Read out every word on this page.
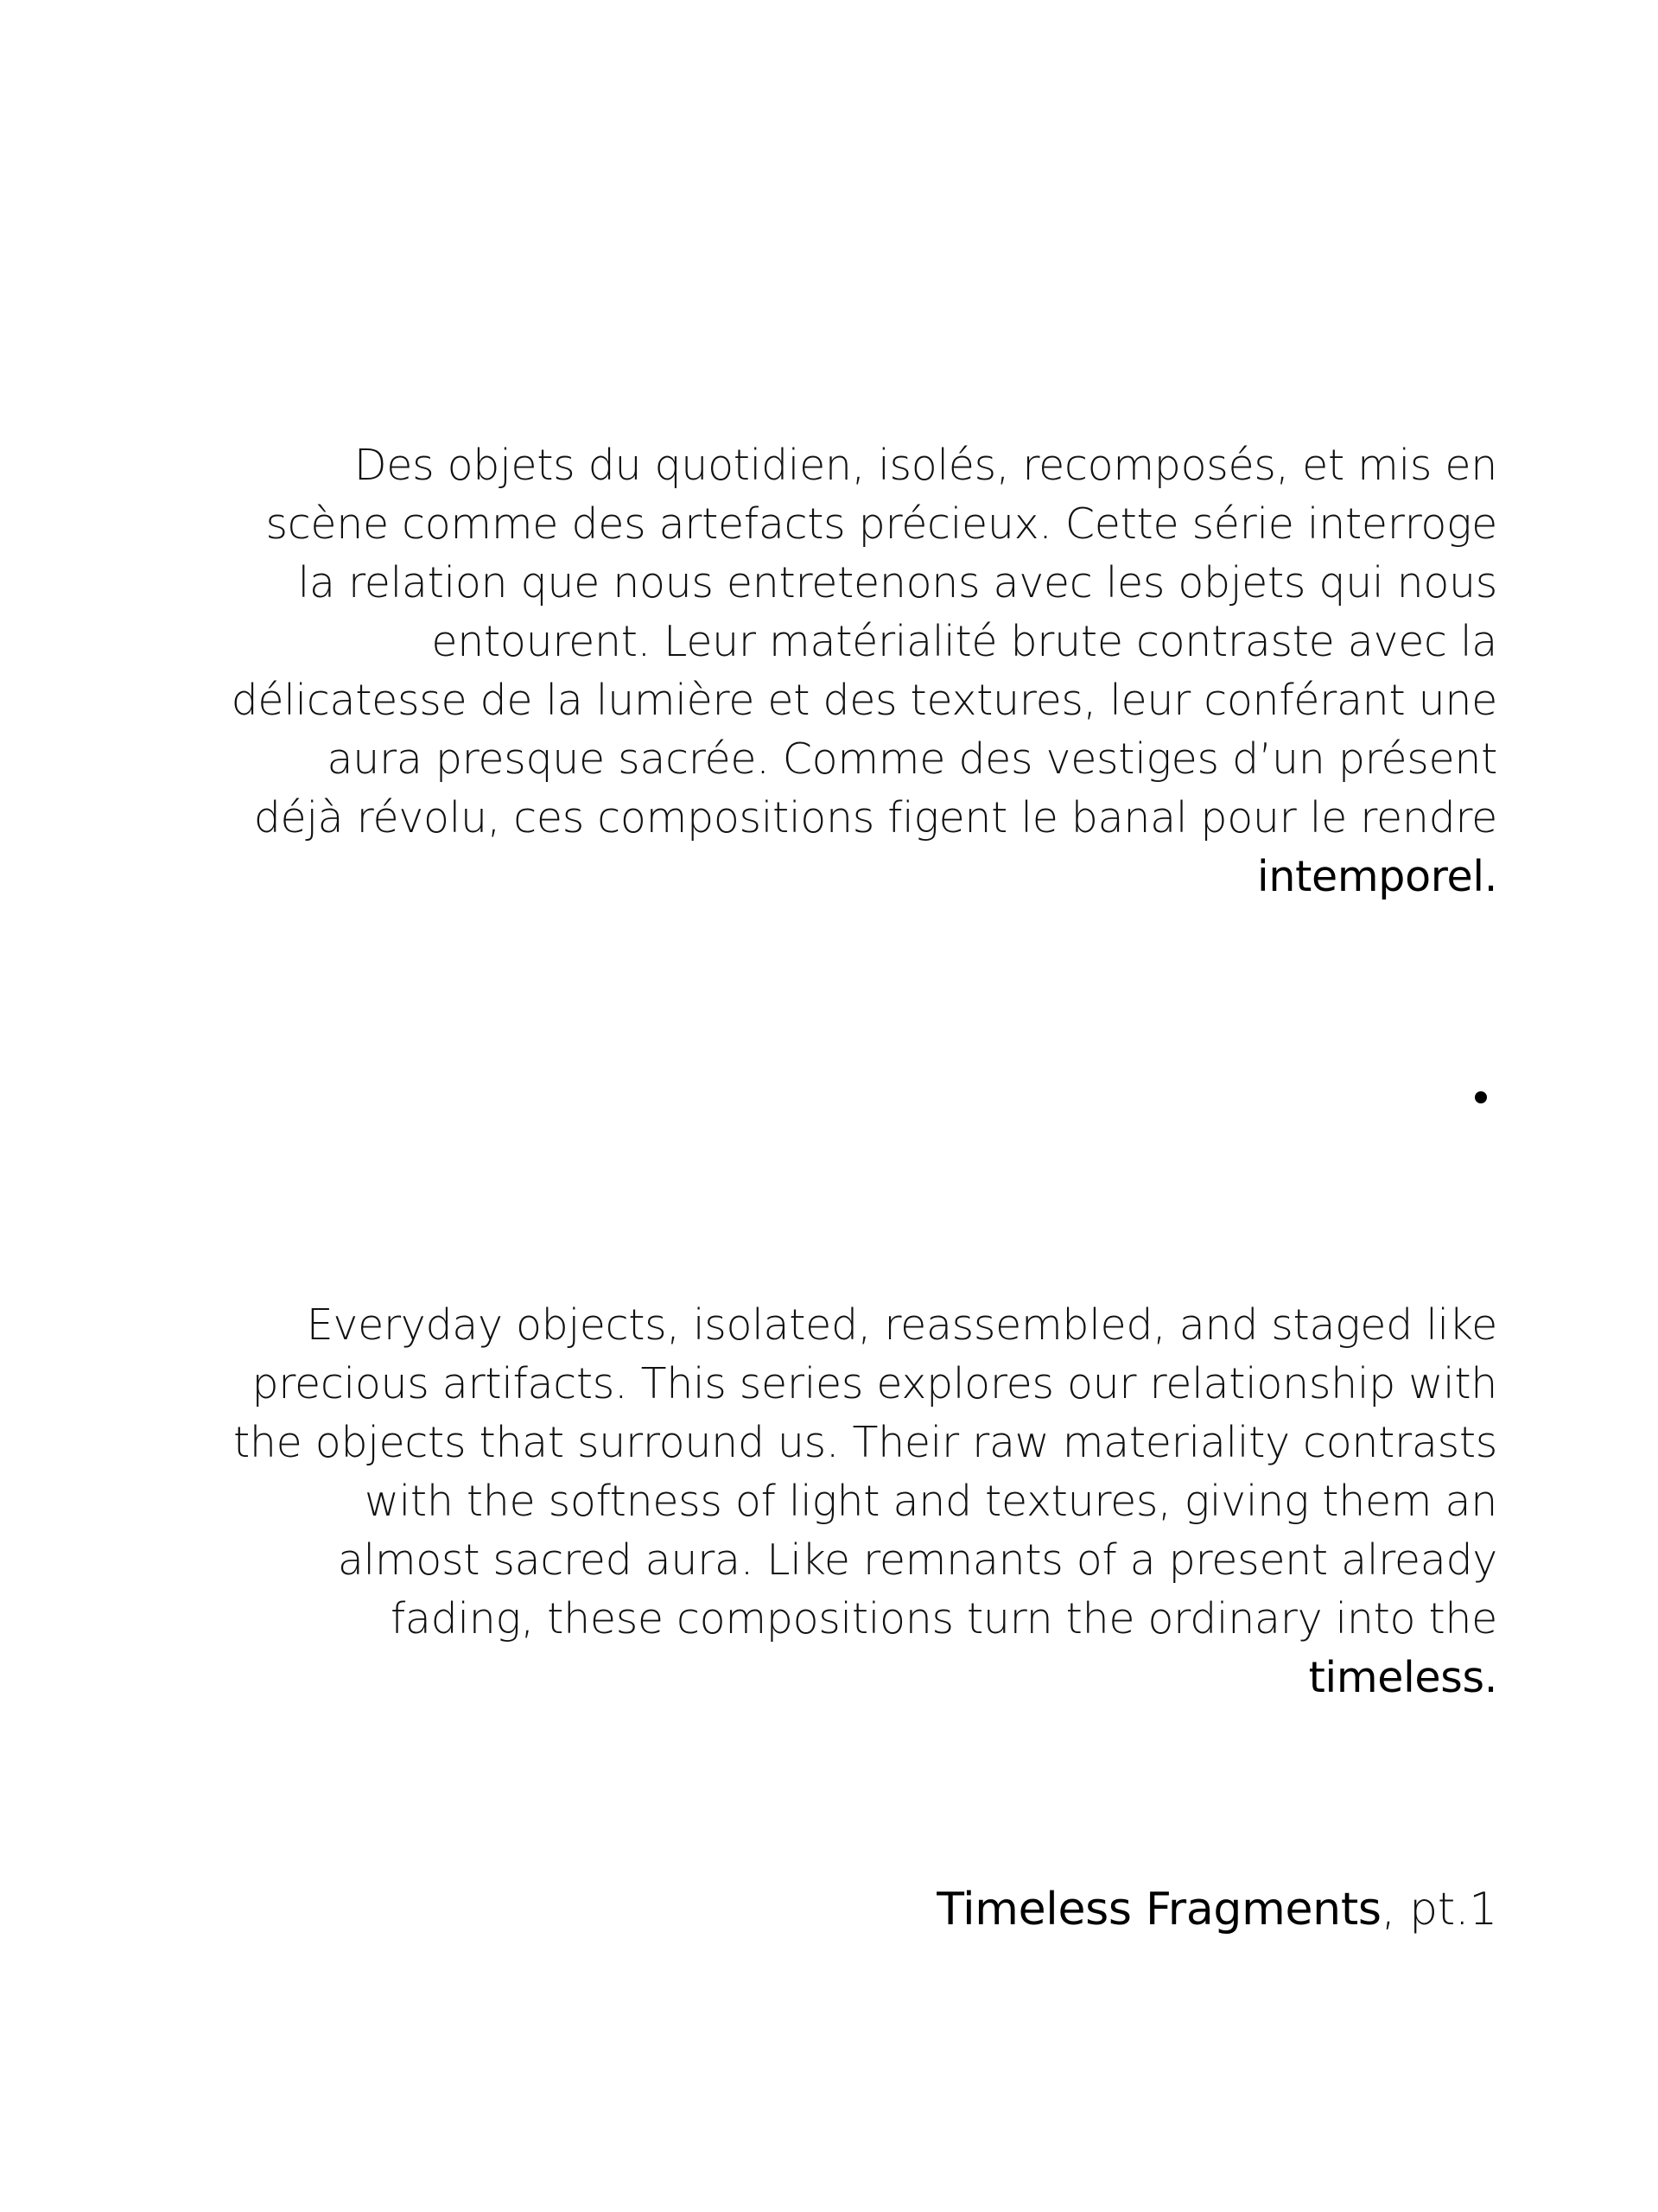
Des objets du quotidien, isolés, recomposés, et mis en
scène comme des artefacts précieux. Cette série interroge
la relation que nous entretenons avec les objets qui nous
entourent. Leur matérialité brute contraste avec la
délicatesse de la lumière et des textures, leur conférant une
aura presque sacrée. Comme des vestiges d’un présent
déjà révolu, ces compositions figent le banal pour le rendre
intemporel.
Everyday objects, isolated, reassembled, and staged like
precious artifacts. This series explores our relationship with
the objects that surround us. Their raw materiality contrasts
with the softness of light and textures, giving them an
almost sacred aura. Like remnants of a present already
fading, these compositions turn the ordinary into the
timeless.
Timeless Fragments, pt.1
